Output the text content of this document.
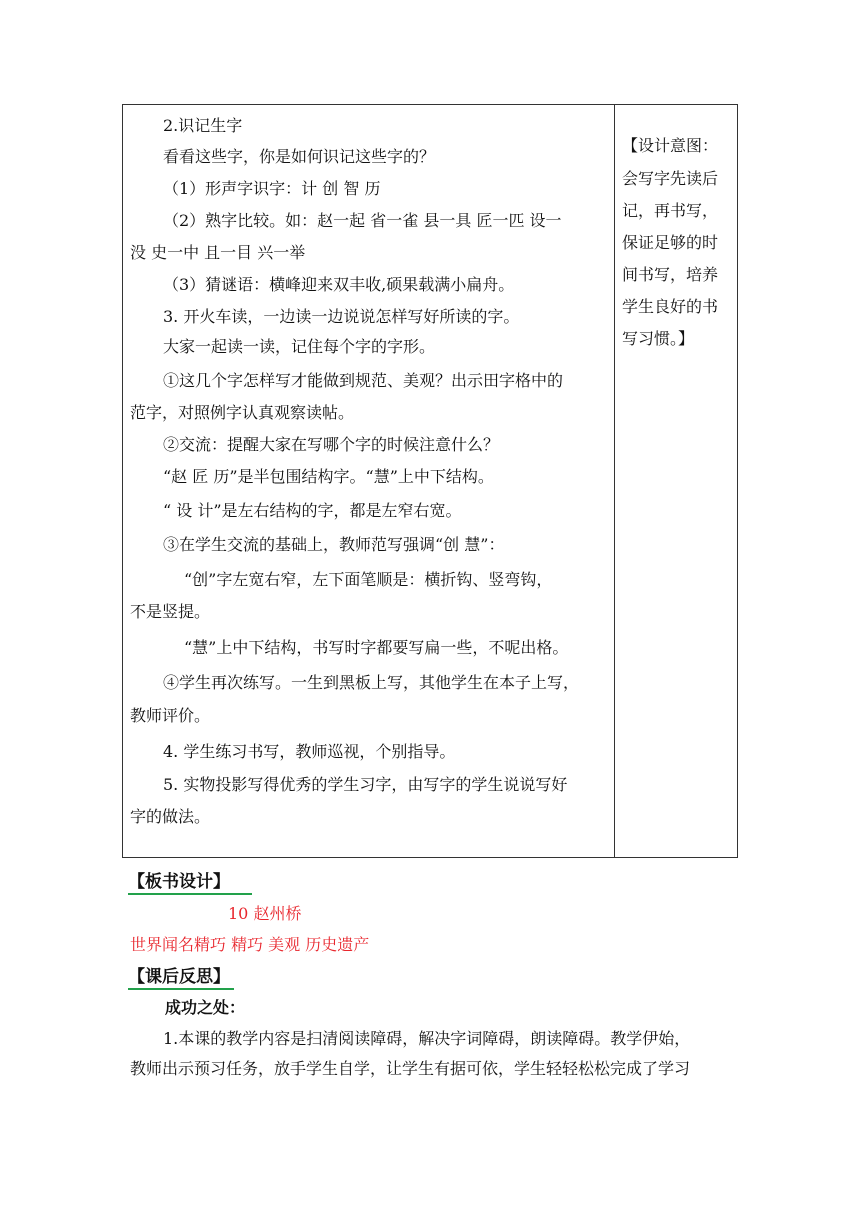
2.识记生字
看看这些字，你是如何识记这些字的？
（1）形声字识字：计 创 智 历
（2）熟字比较。如：赵一起 省一雀 县一具 匠一匹 设一
没 史一中 且一目 兴一举
（3）猜谜语：横峰迎来双丰收,硕果载满小扁舟。
3. 开火车读，一边读一边说说怎样写好所读的字。
大家一起读一读，记住每个字的字形。
①这几个字怎样写才能做到规范、美观？出示田字格中的
范字，对照例字认真观察读帖。
②交流：提醒大家在写哪个字的时候注意什么？
“赵 匠 历”是半包围结构字。“慧”上中下结构。
“ 设 计”是左右结构的字，都是左窄右宽。
③在学生交流的基础上，教师范写强调“创 慧”：
“创”字左宽右窄，左下面笔顺是：横折钩、竖弯钩，
不是竖提。
“慧”上中下结构，书写时字都要写扁一些，不呢出格。
④学生再次练写。一生到黑板上写，其他学生在本子上写，
教师评价。
4. 学生练习书写，教师巡视，个别指导。
5. 实物投影写得优秀的学生习字，由写字的学生说说写好
字的做法。
【设计意图：
会写字先读后
记，再书写，
保证足够的时
间书写，培养
学生良好的书
写习惯。】
【板书设计】
10 赵州桥
世界闻名精巧 精巧 美观 历史遗产
【课后反思】
成功之处：
1.本课的教学内容是扫清阅读障碍，解决字词障碍，朗读障碍。教学伊始，
教师出示预习任务，放手学生自学，让学生有据可依，学生轻轻松松完成了学习
